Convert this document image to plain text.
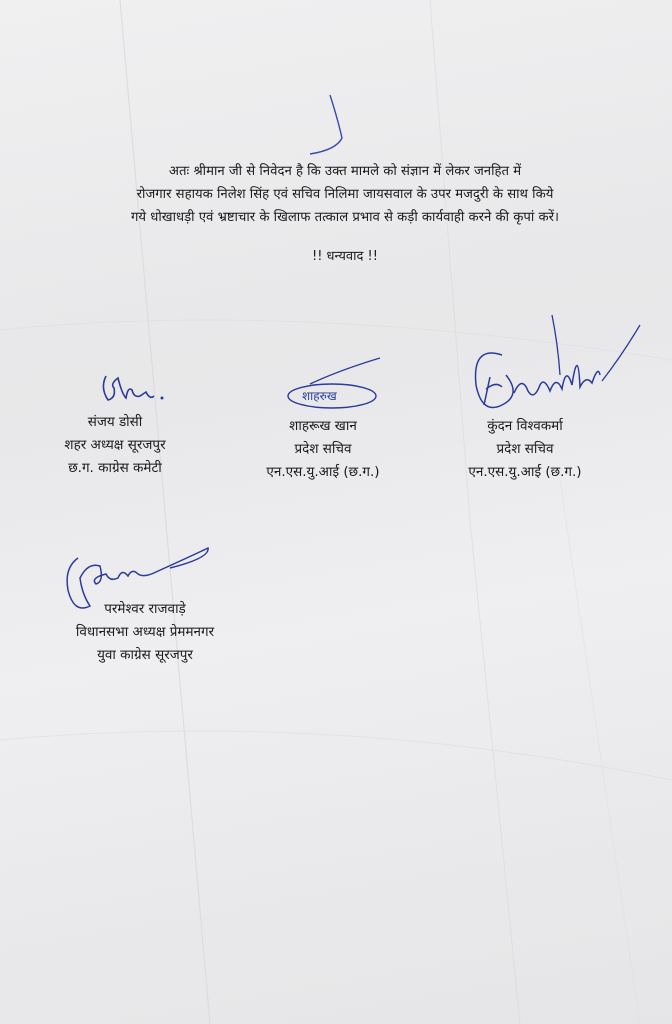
अतः श्रीमान जी से निवेदन है कि उक्त मामले को संज्ञान में लेकर जनहित में
रोजगार सहायक निलेश सिंह एवं सचिव निलिमा जायसवाल के उपर मजदुरी के साथ किये
गये धोखाधड़ी एवं भ्रष्टाचार के खिलाफ तत्काल प्रभाव से कड़ी कार्यवाही करने की कृपां करें।
!! धन्यवाद !!
संजय डोसी
शहर अध्यक्ष सूरजपुर
छ.ग. काग्रेस कमेटी
शाहरुख
शाहरूख खान
प्रदेश सचिव
एन.एस.यु.आई (छ.ग.)
कुंदन विश्वकर्मा
प्रदेश सचिव
एन.एस.यु.आई (छ.ग.)
परमेश्वर राजवाड़े
विधानसभा अध्यक्ष प्रेममनगर
युवा काग्रेस सूरजपुर
